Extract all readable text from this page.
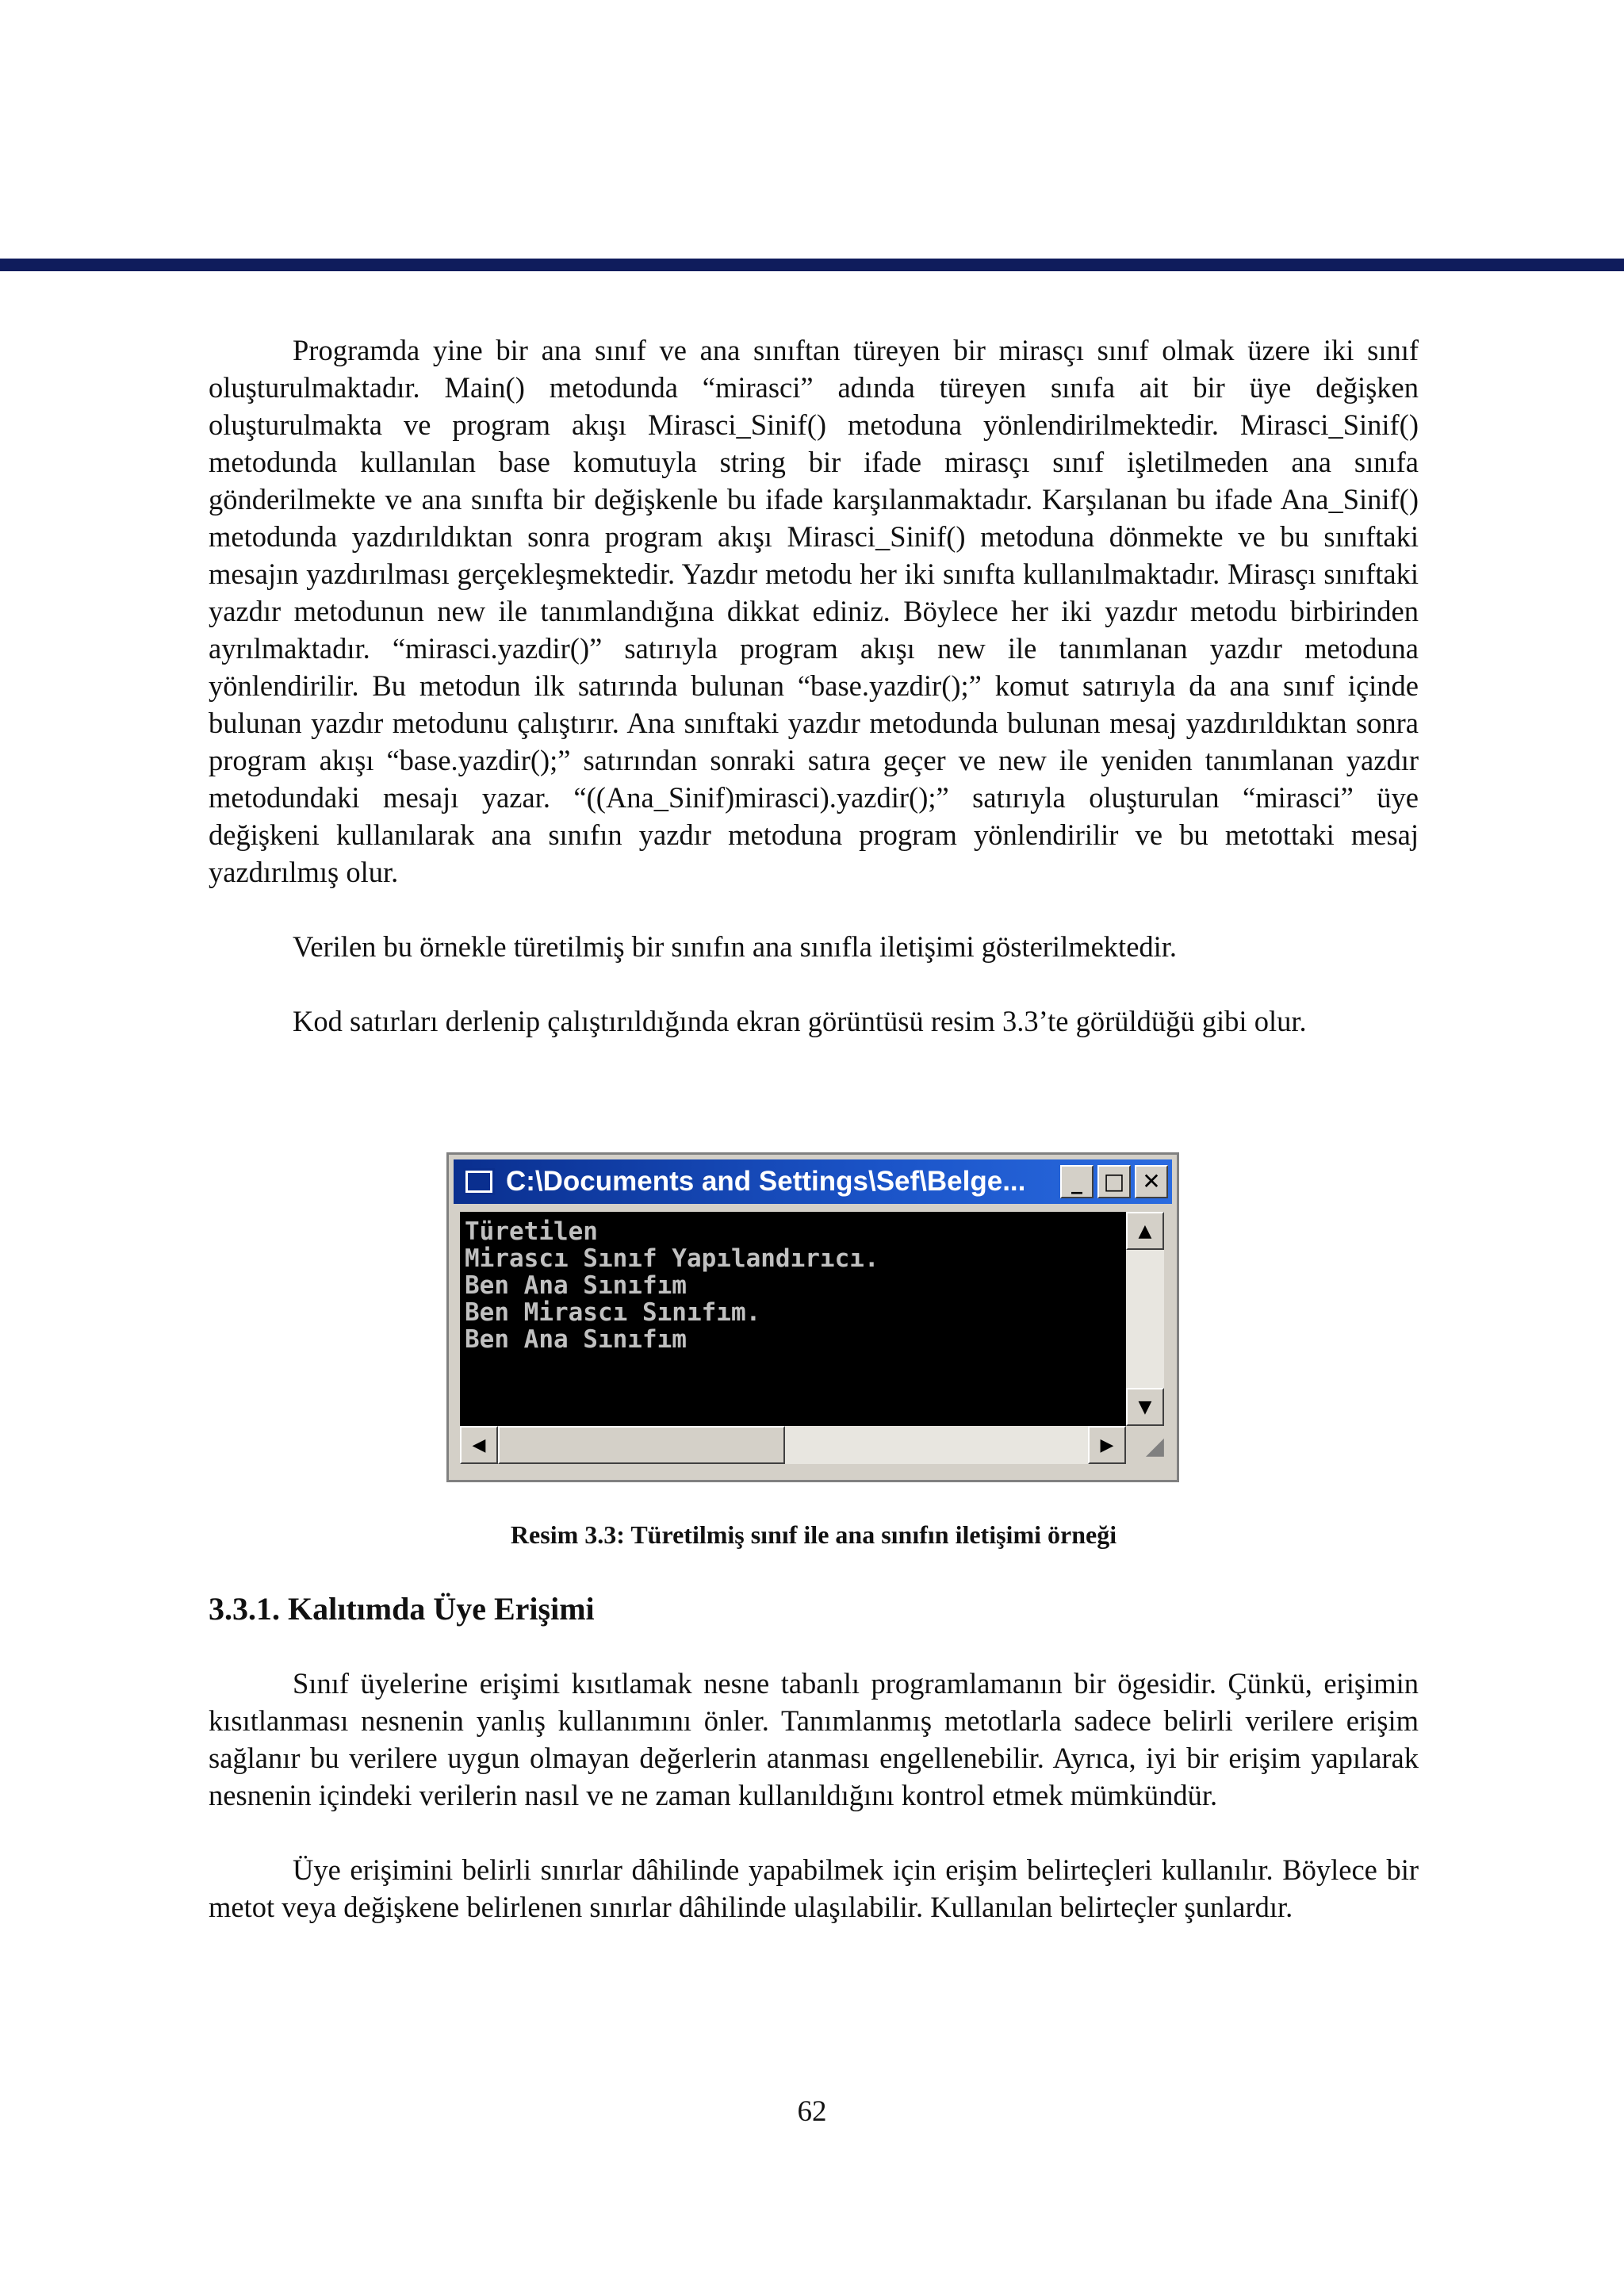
Programda yine bir ana sınıf ve ana sınıftan türeyen bir mirasçı sınıf olmak üzere iki sınıf oluşturulmaktadır. Main() metodunda “mirasci” adında türeyen sınıfa ait bir üye değişken oluşturulmakta ve program akışı Mirasci_Sinif() metoduna yönlendirilmektedir. Mirasci_Sinif() metodunda kullanılan base komutuyla string bir ifade mirasçı sınıf işletilmeden ana sınıfa gönderilmekte ve ana sınıfta bir değişkenle bu ifade karşılanmaktadır. Karşılanan bu ifade Ana_Sinif() metodunda yazdırıldıktan sonra program akışı Mirasci_Sinif() metoduna dönmekte ve bu sınıftaki mesajın yazdırılması gerçekleşmektedir. Yazdır metodu her iki sınıfta kullanılmaktadır. Mirasçı sınıftaki yazdır metodunun new ile tanımlandığına dikkat ediniz. Böylece her iki yazdır metodu birbirinden ayrılmaktadır. “mirasci.yazdir()” satırıyla program akışı new ile tanımlanan yazdır metoduna yönlendirilir. Bu metodun ilk satırında bulunan “base.yazdir();” komut satırıyla da ana sınıf içinde bulunan yazdır metodunu çalıştırır. Ana sınıftaki yazdır metodunda bulunan mesaj yazdırıldıktan sonra program akışı “base.yazdir();” satırından sonraki satıra geçer ve new ile yeniden tanımlanan yazdır metodundaki mesajı yazar. “((Ana_Sinif)mirasci).yazdir();” satırıyla oluşturulan “mirasci” üye değişkeni kullanılarak ana sınıfın yazdır metoduna program yönlendirilir ve bu metottaki mesaj yazdırılmış olur.

Verilen bu örnekle türetilmiş bir sınıfın ana sınıfla iletişimi gösterilmektedir.

Kod satırları derlenip çalıştırıldığında ekran görüntüsü resim 3.3’te görüldüğü gibi olur.

C:\Documents and Settings\Sef\Belge...	_ □ ✕
Türetilen
Mirascı Sınıf Yapılandırıcı.
Ben Ana Sınıfım
Ben Mirascı Sınıfım.
Ben Ana Sınıfım
▲
▼
◀	▶	◢
Resim 3.3: Türetilmiş sınıf ile ana sınıfın iletişimi örneği
3.3.1. Kalıtımda Üye Erişimi

Sınıf üyelerine erişimi kısıtlamak nesne tabanlı programlamanın bir ögesidir. Çünkü, erişimin kısıtlanması nesnenin yanlış kullanımını önler. Tanımlanmış metotlarla sadece belirli verilere erişim sağlanır bu verilere uygun olmayan değerlerin atanması engellenebilir. Ayrıca, iyi bir erişim yapılarak nesnenin içindeki verilerin nasıl ve ne zaman kullanıldığını kontrol etmek mümkündür.

Üye erişimini belirli sınırlar dâhilinde yapabilmek için erişim belirteçleri kullanılır. Böylece bir metot veya değişkene belirlenen sınırlar dâhilinde ulaşılabilir. Kullanılan belirteçler şunlardır.

62
